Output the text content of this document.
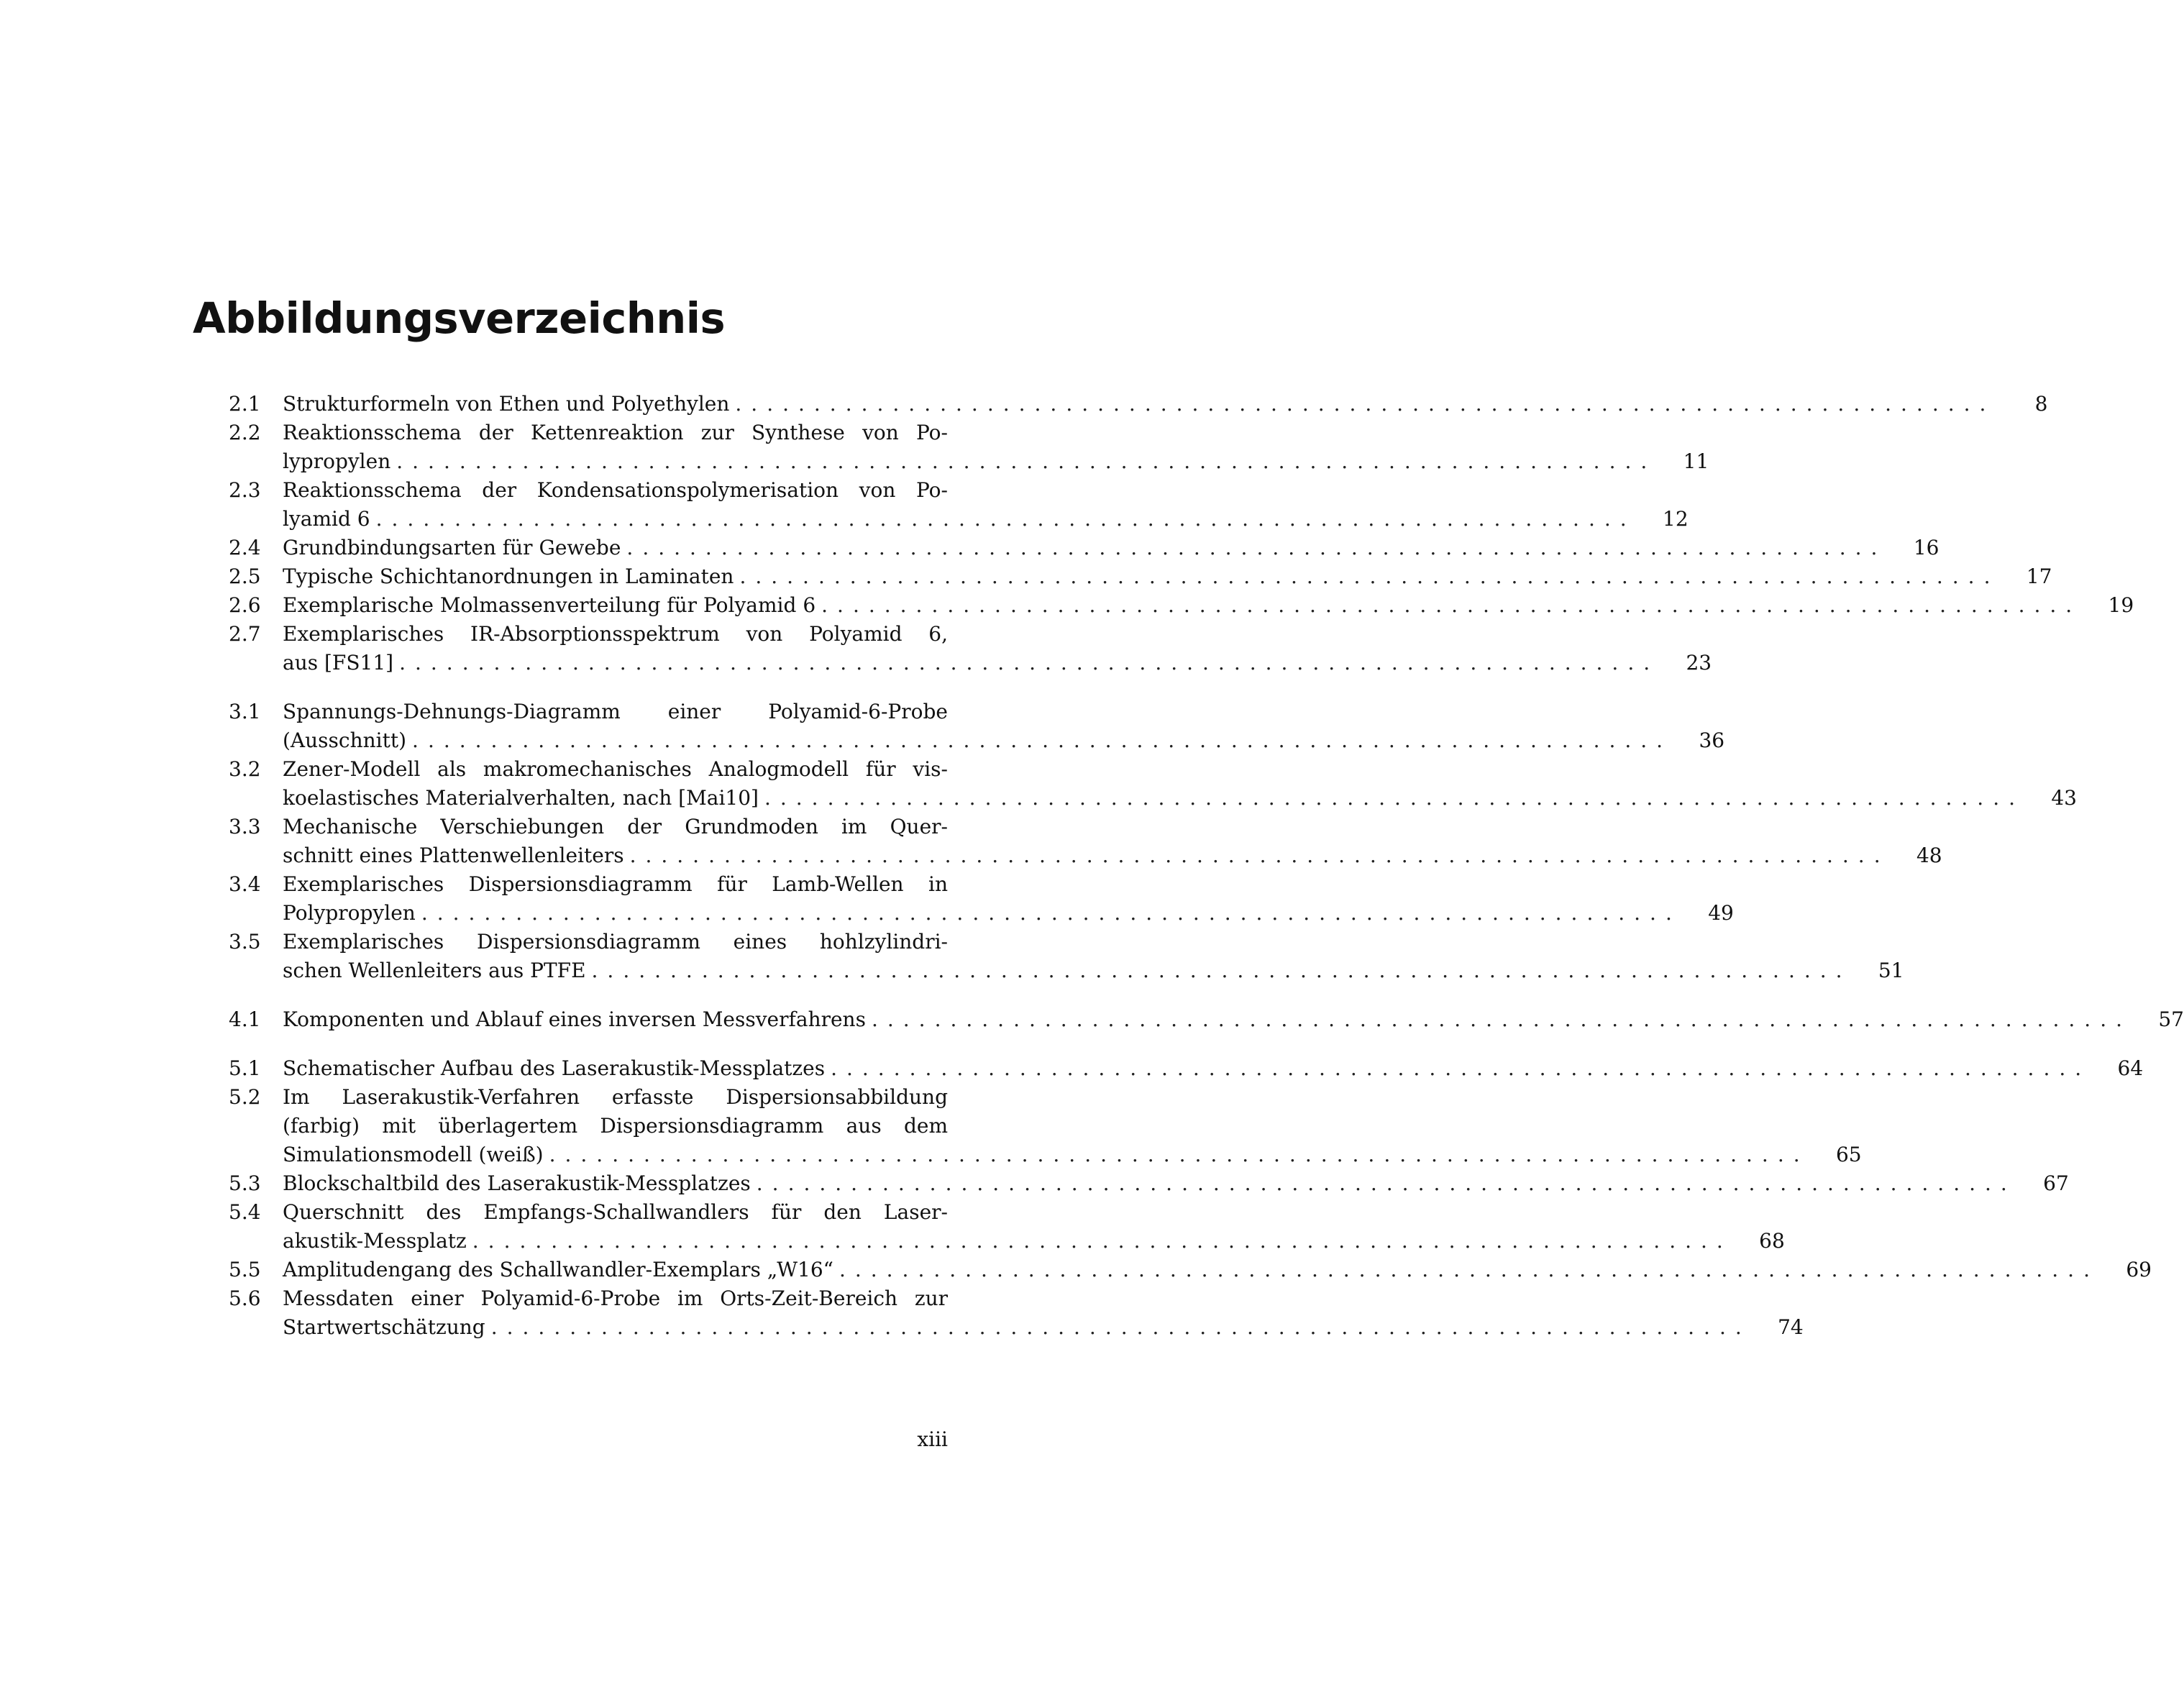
Abbildungsverzeichnis
2.1	Strukturformeln von Ethen und Polyethylen ................................................................................	8
2.2	Reaktionsschema der Kettenreaktion zur Synthese von Po-
lypropylen ................................................................................	11
2.3	Reaktionsschema der Kondensationspolymerisation von Po-
lyamid 6 ................................................................................	12
2.4	Grundbindungsarten für Gewebe ................................................................................	16
2.5	Typische Schichtanordnungen in Laminaten ................................................................................	17
2.6	Exemplarische Molmassenverteilung für Polyamid 6 ................................................................................	19
2.7	Exemplarisches IR-Absorptionsspektrum von Polyamid 6,
aus [FS11] ................................................................................	23
3.1	Spannungs-Dehnungs-Diagramm einer Polyamid-6-Probe
(Ausschnitt) ................................................................................	36
3.2	Zener-Modell als makromechanisches Analogmodell für vis-
koelastisches Materialverhalten, nach [Mai10] ................................................................................	43
3.3	Mechanische Verschiebungen der Grundmoden im Quer-
schnitt eines Plattenwellenleiters ................................................................................	48
3.4	Exemplarisches Dispersionsdiagramm für Lamb-Wellen in
Polypropylen ................................................................................	49
3.5	Exemplarisches Dispersionsdiagramm eines hohlzylindri-
schen Wellenleiters aus PTFE ................................................................................	51
4.1	Komponenten und Ablauf eines inversen Messverfahrens ................................................................................	57
5.1	Schematischer Aufbau des Laserakustik-Messplatzes ................................................................................	64
5.2	Im Laserakustik-Verfahren erfasste Dispersionsabbildung
(farbig) mit überlagertem Dispersionsdiagramm aus dem
Simulationsmodell (weiß) ................................................................................	65
5.3	Blockschaltbild des Laserakustik-Messplatzes ................................................................................	67
5.4	Querschnitt des Empfangs-Schallwandlers für den Laser-
akustik-Messplatz ................................................................................	68
5.5	Amplitudengang des Schallwandler-Exemplars „W16“ ................................................................................	69
5.6	Messdaten einer Polyamid-6-Probe im Orts-Zeit-Bereich zur
Startwertschätzung ................................................................................	74
xiii
